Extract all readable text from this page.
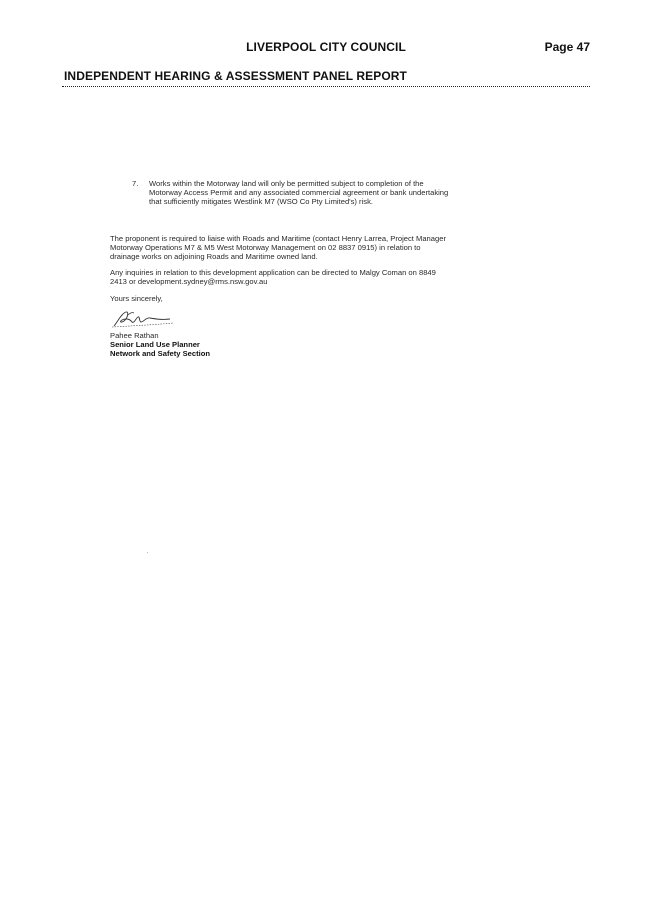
LIVERPOOL CITY COUNCIL	Page 47
INDEPENDENT HEARING & ASSESSMENT PANEL REPORT
7.	Works within the Motorway land will only be permitted subject to completion of the
Motorway Access Permit and any associated commercial agreement or bank undertaking
that sufficiently mitigates Westlink M7 (WSO Co Pty Limited's) risk.

The proponent is required to liaise with Roads and Maritime (contact Henry Larrea, Project Manager

Motorway Operations M7 & M5 West Motorway Management on 02 8837 0915) in relation to

drainage works on adjoining Roads and Maritime owned land.

Any inquiries in relation to this development application can be directed to Malgy Coman on 8849

2413 or development.sydney@rms.nsw.gov.au

Yours sincerely,

Pahee Rathan

Senior Land Use Planner

Network and Safety Section
